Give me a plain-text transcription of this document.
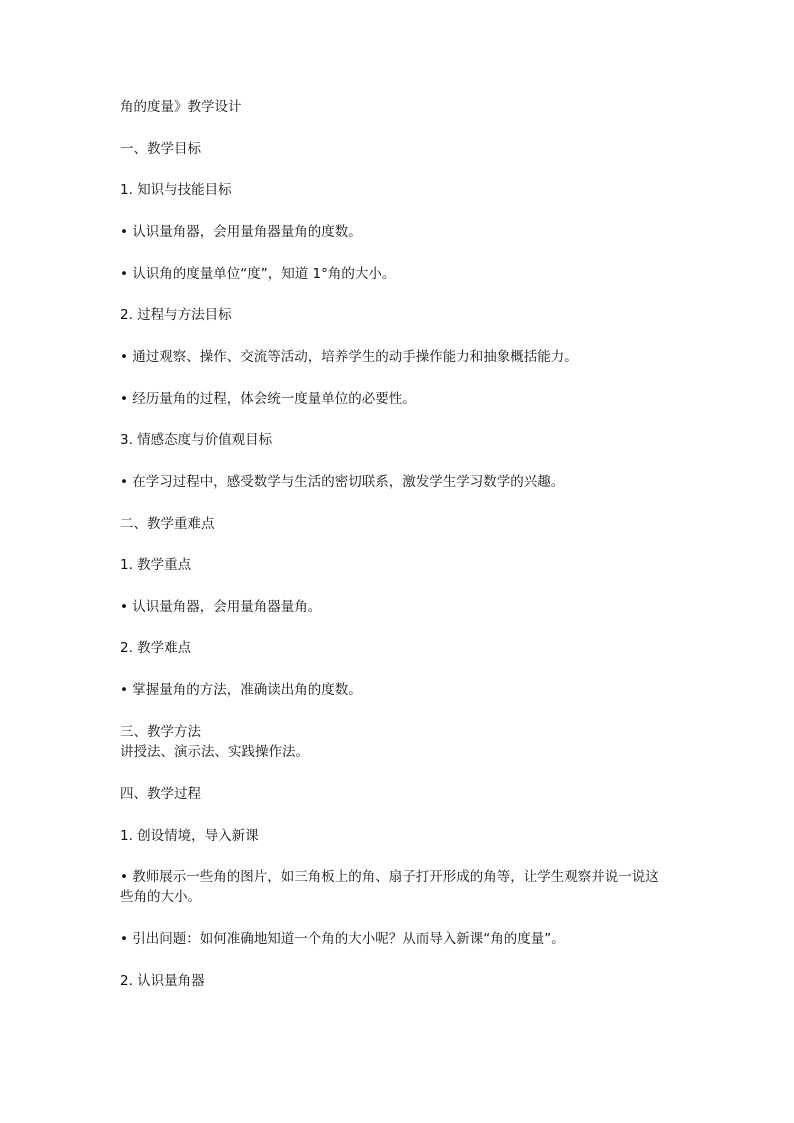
角的度量》教学设计
一、教学目标
1. 知识与技能目标
• 认识量角器，会用量角器量角的度数。
• 认识角的度量单位“度”，知道 1°角的大小。
2. 过程与方法目标
• 通过观察、操作、交流等活动，培养学生的动手操作能力和抽象概括能力。
• 经历量角的过程，体会统一度量单位的必要性。
3. 情感态度与价值观目标
• 在学习过程中，感受数学与生活的密切联系，激发学生学习数学的兴趣。
二、教学重难点
1. 教学重点
• 认识量角器，会用量角器量角。
2. 教学难点
• 掌握量角的方法，准确读出角的度数。
三、教学方法
讲授法、演示法、实践操作法。
四、教学过程
1. 创设情境，导入新课
• 教师展示一些角的图片，如三角板上的角、扇子打开形成的角等，让学生观察并说一说这
些角的大小。
• 引出问题：如何准确地知道一个角的大小呢？从而导入新课“角的度量”。
2. 认识量角器
